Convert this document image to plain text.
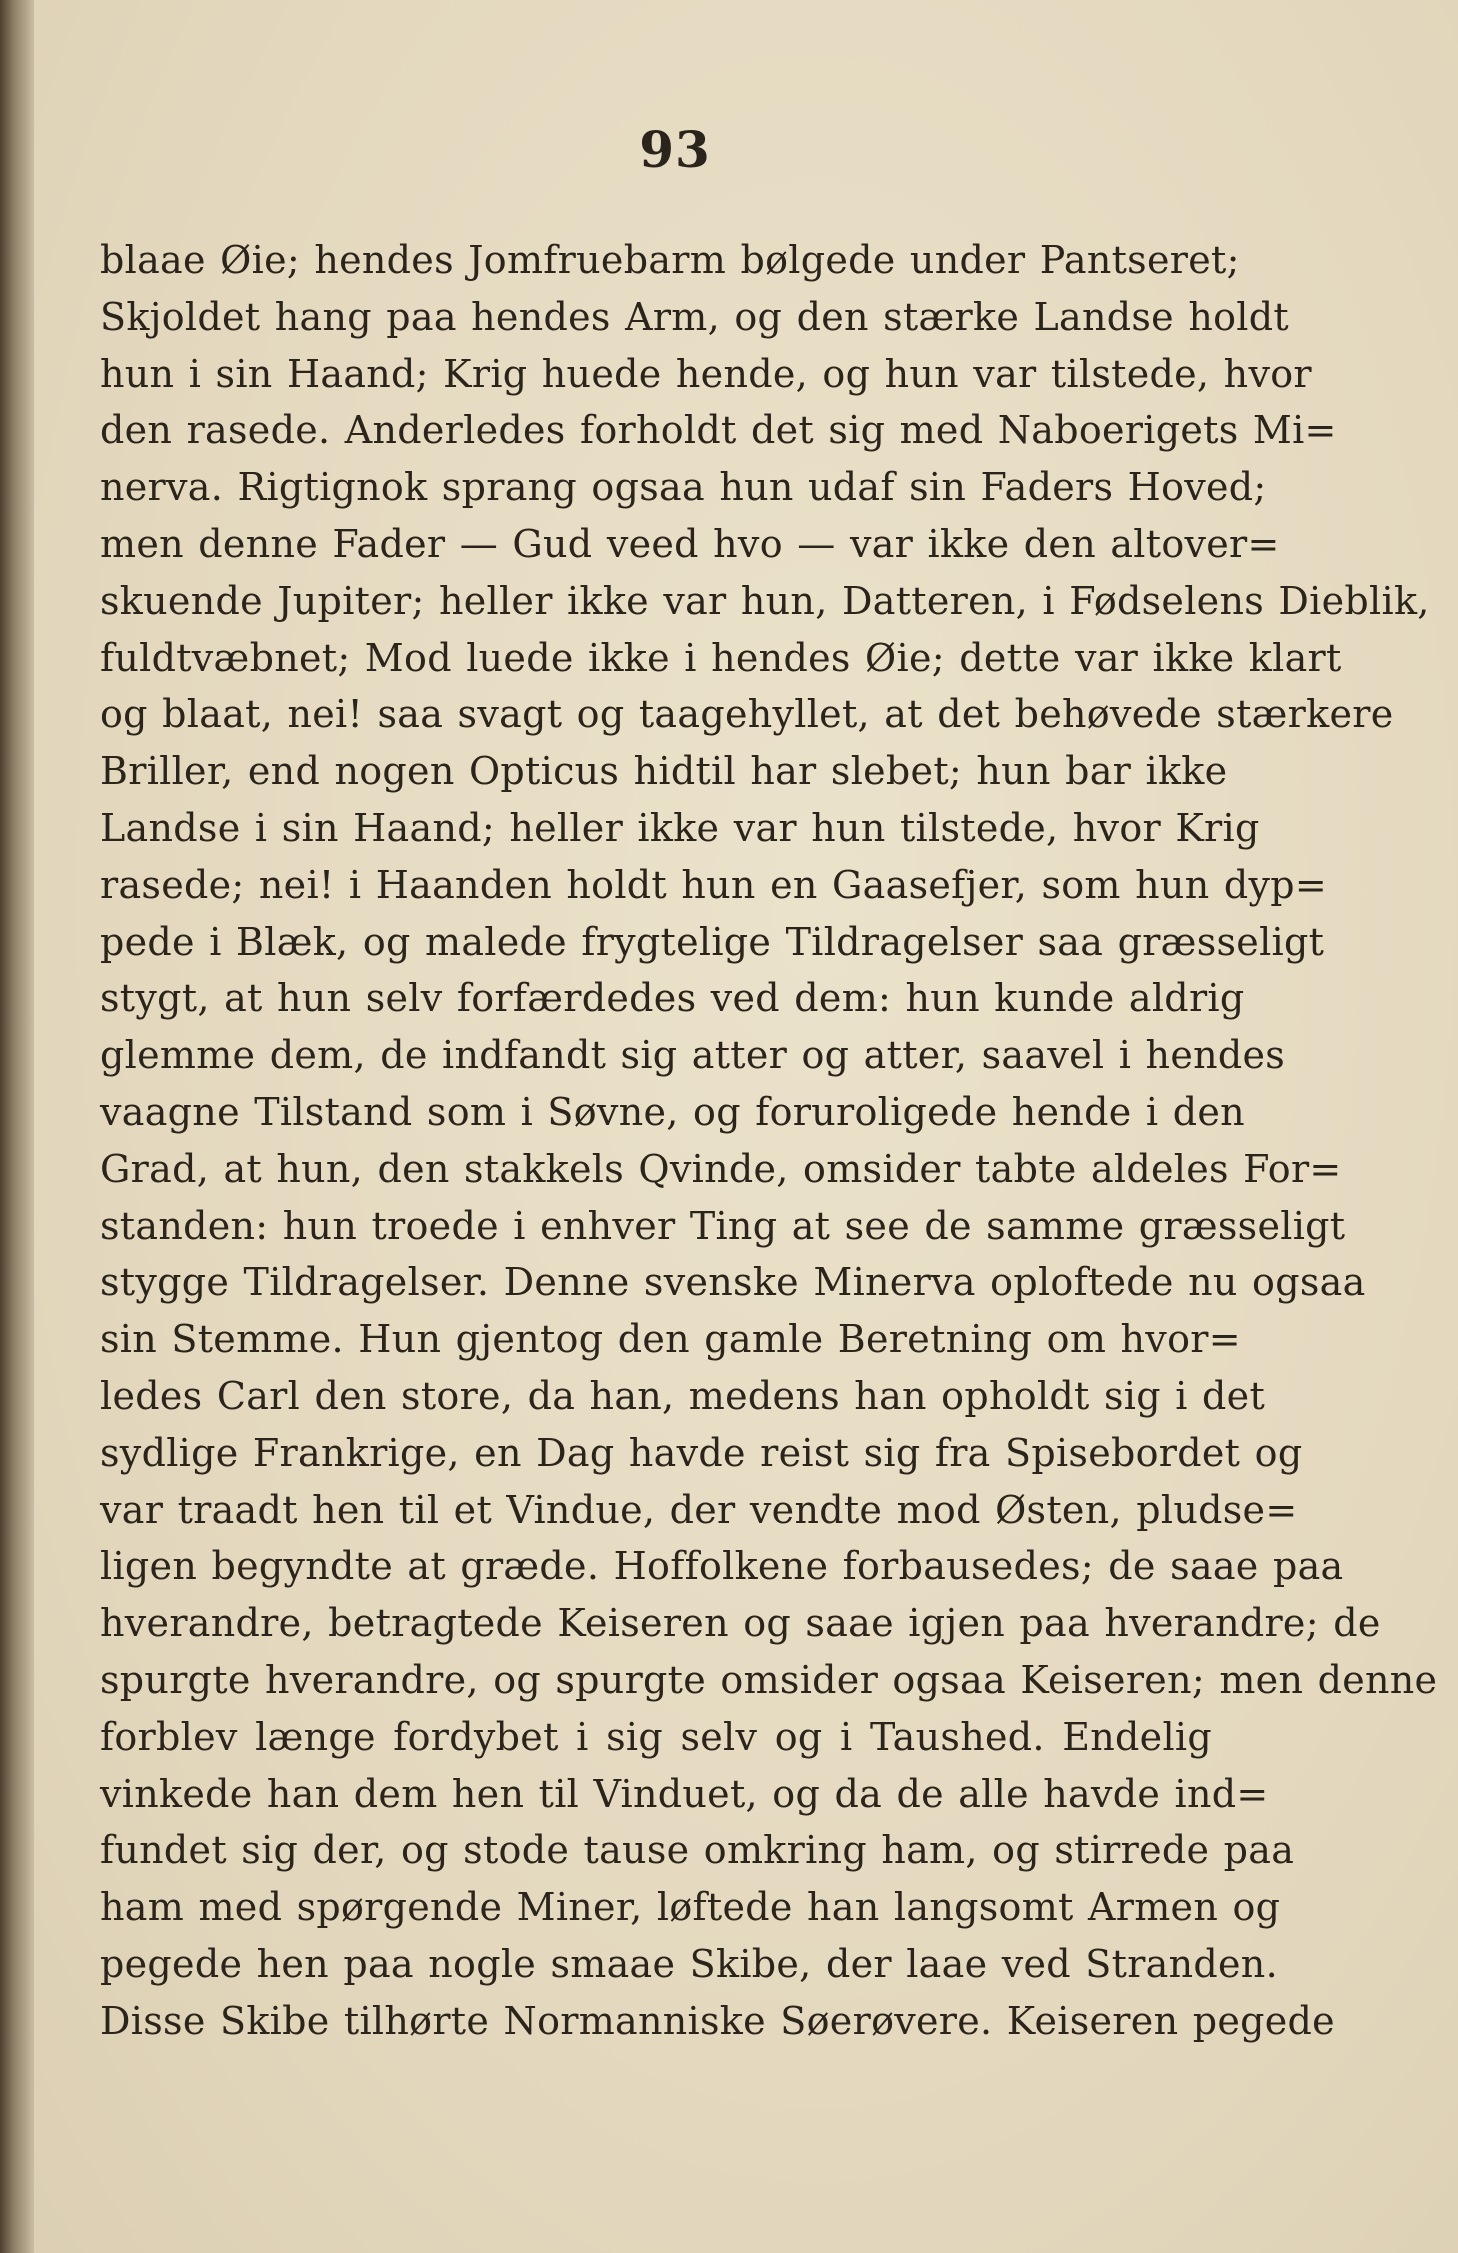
93
blaae Øie; hendes Jomfruebarm bølgede under Pantseret;
Skjoldet hang paa hendes Arm, og den stærke Landse holdt
hun i sin Haand; Krig huede hende, og hun var tilstede, hvor
den rasede. Anderledes forholdt det sig med Naboerigets Mi=
nerva. Rigtignok sprang ogsaa hun udaf sin Faders Hoved;
men denne Fader — Gud veed hvo — var ikke den altover=
skuende Jupiter; heller ikke var hun, Datteren, i Fødselens Dieblik,
fuldtvæbnet; Mod luede ikke i hendes Øie; dette var ikke klart
og blaat, nei! saa svagt og taagehyllet, at det behøvede stærkere
Briller, end nogen Opticus hidtil har slebet; hun bar ikke
Landse i sin Haand; heller ikke var hun tilstede, hvor Krig
rasede; nei! i Haanden holdt hun en Gaasefjer, som hun dyp=
pede i Blæk, og malede frygtelige Tildragelser saa græsseligt
stygt, at hun selv forfærdedes ved dem: hun kunde aldrig
glemme dem, de indfandt sig atter og atter, saavel i hendes
vaagne Tilstand som i Søvne, og foruroligede hende i den
Grad, at hun, den stakkels Qvinde, omsider tabte aldeles For=
standen: hun troede i enhver Ting at see de samme græsseligt
stygge Tildragelser. Denne svenske Minerva oploftede nu ogsaa
sin Stemme. Hun gjentog den gamle Beretning om hvor=
ledes Carl den store, da han, medens han opholdt sig i det
sydlige Frankrige, en Dag havde reist sig fra Spisebordet og
var traadt hen til et Vindue, der vendte mod Østen, pludse=
ligen begyndte at græde. Hoffolkene forbausedes; de saae paa
hverandre, betragtede Keiseren og saae igjen paa hverandre; de
spurgte hverandre, og spurgte omsider ogsaa Keiseren; men denne
forblev længe fordybet i sig selv og i Taushed. Endelig
vinkede han dem hen til Vinduet, og da de alle havde ind=
fundet sig der, og stode tause omkring ham, og stirrede paa
ham med spørgende Miner, løftede han langsomt Armen og
pegede hen paa nogle smaae Skibe, der laae ved Stranden.
Disse Skibe tilhørte Normanniske Søerøvere. Keiseren pegede
